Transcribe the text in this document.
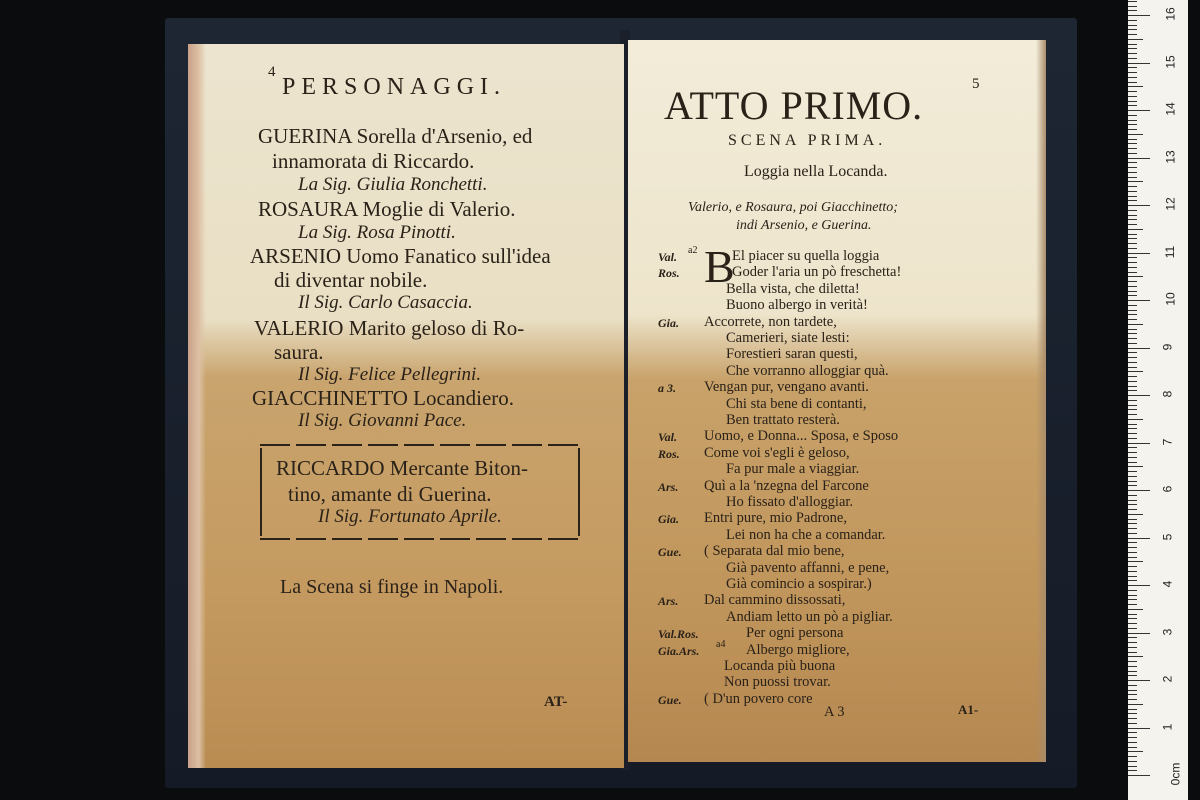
4
PERSONAGGI.
GUERINA Sorella d'Arsenio, ed
innamorata di Riccardo.
La Sig. Giulia Ronchetti.
ROSAURA Moglie di Valerio.
La Sig. Rosa Pinotti.
ARSENIO Uomo Fanatico sull'idea
di diventar nobile.
Il Sig. Carlo Casaccia.
VALERIO Marito geloso di Ro-
saura.
Il Sig. Felice Pellegrini.
GIACCHINETTO Locandiero.
Il Sig. Giovanni Pace.
RICCARDO Mercante Biton-
tino, amante di Guerina.
Il Sig. Fortunato Aprile.
La Scena si finge in Napoli.
AT-
5
ATTO PRIMO.
SCENA PRIMA.
Loggia nella Locanda.
Valerio, e Rosaura, poi Giacchinetto;
indi Arsenio, e Guerina.
B
Val. a2 El piacer su quella loggia
Ros.	Goder l'aria un pò freschetta!
Bella vista, che diletta!
Buono albergo in verità!
Gia. Accorrete, non tardete,
Camerieri, siate lesti:
Forestieri saran questi,
Che vorranno alloggiar quà.
a 3. Vengan pur, vengano avanti.
Chi sta bene di contanti,
Ben trattato resterà.
Val. Uomo, e Donna... Sposa, e Sposo
Ros. Come voi s'egli è geloso,
Fa pur male a viaggiar.
Ars. Quì a la 'nzegna del Farcone
Ho fissato d'alloggiar.
Gia. Entri pure, mio Padrone,
Lei non ha che a comandar.
Gue. ( Separata dal mio bene,
Già pavento affanni, e pene,
Già comincio a sospirar.)
Ars. Dal cammino dissossati,
Andiam letto un pò a pigliar.
Val.Ros.	Per ogni persona
Gia.Ars. a4 Albergo migliore,
Locanda più buona
Non puossi trovar.
Gue. ( D'un povero core
A 3	A1-
16
15
14
13
12
11
10
9
8
7
6
5
4
3
2
1
0cm
